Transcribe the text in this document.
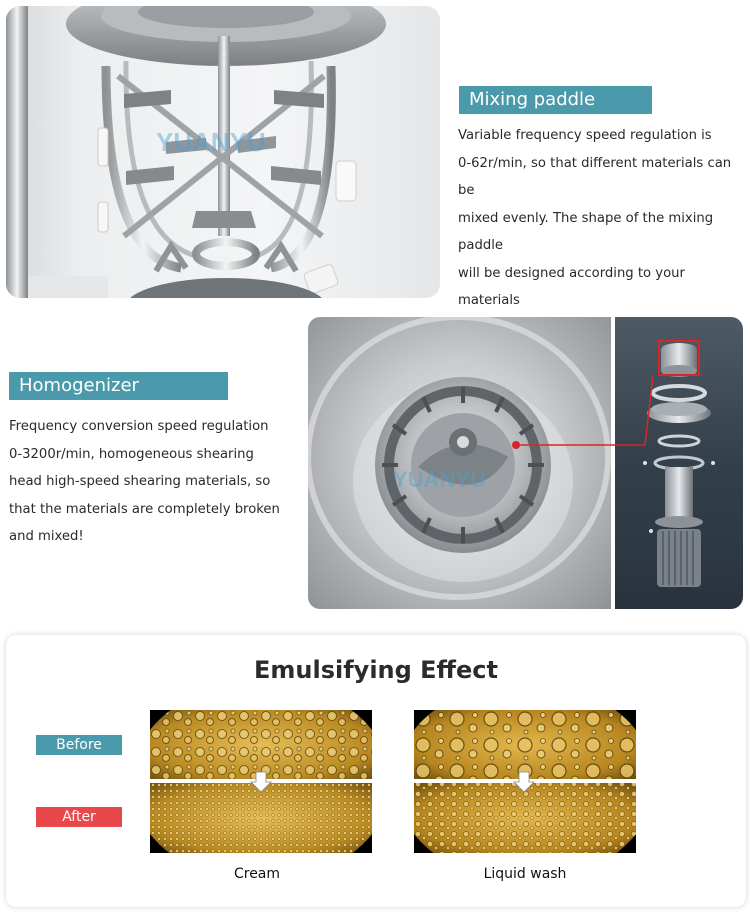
YUANYU
Mixing paddle
Variable frequency speed regulation is
0-62r/min, so that different materials can be
mixed evenly. The shape of the mixing paddle
will be designed according to your materials
Homogenizer
Frequency conversion speed regulation
0-3200r/min, homogeneous shearing
head high-speed shearing materials, so
that the materials are completely broken
and mixed!
YUANYU
Emulsifying Effect
Before
After
Cream	Liquid wash
